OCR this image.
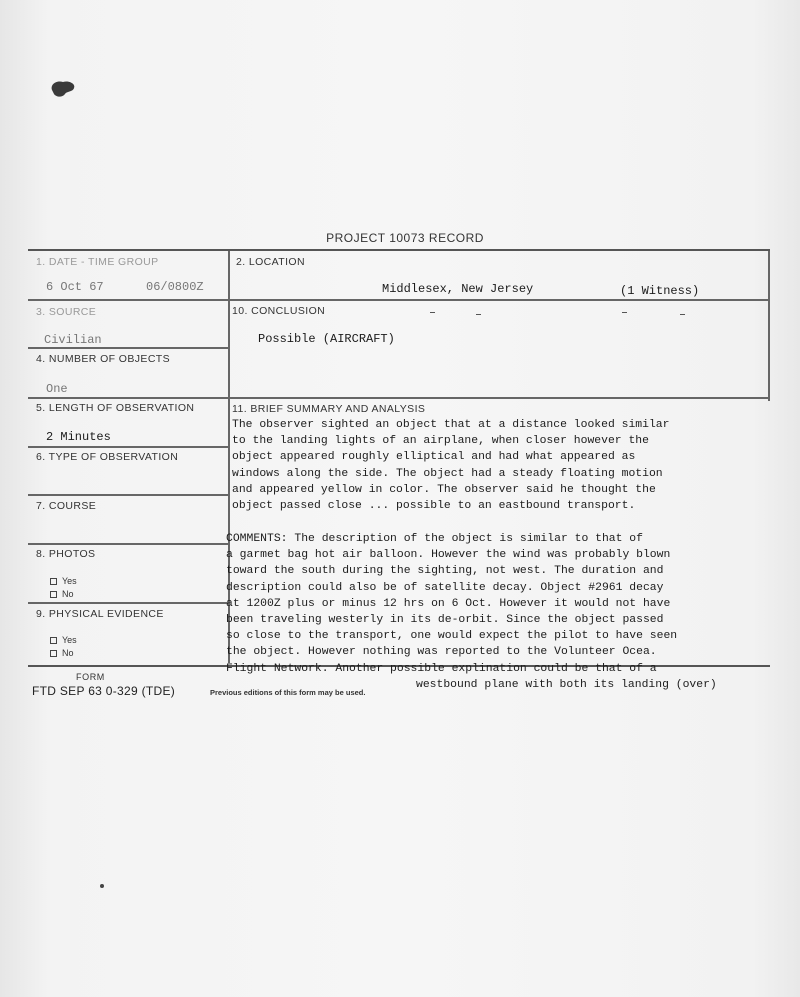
PROJECT 10073 RECORD
1. DATE - TIME GROUP
6 Oct 67	06/0800Z
2. LOCATION
Middlesex, New Jersey	(1 Witness)
3. SOURCE
Civilian
10. CONCLUSION
Possible (AIRCRAFT)
4. NUMBER OF OBJECTS
One
5. LENGTH OF OBSERVATION
2 Minutes
11. BRIEF SUMMARY AND ANALYSIS
The observer sighted an object that at a distance looked similar
to the landing lights of an airplane, when closer however the
object appeared roughly elliptical and had what appeared as
windows along the side. The object had a steady floating motion
and appeared yellow in color. The observer said he thought the
object passed close ... possible to an eastbound transport.
6. TYPE OF OBSERVATION
7. COURSE
COMMENTS: The description of the object is similar to that of
a garmet bag hot air balloon. However the wind was probably blown
toward the south during the sighting, not west. The duration and
description could also be of satellite decay. Object #2961 decay
at 1200Z plus or minus 12 hrs on 6 Oct. However it would not have
been traveling westerly in its de-orbit. Since the object passed
so close to the transport, one would expect the pilot to have seen
the object. However nothing was reported to the Volunteer Ocea.
Flight Network. Another possible explination could be that of a
westbound plane with both its landing (over)
8. PHOTOS
Yes
No
9. PHYSICAL EVIDENCE
Yes
No
FORM
FTD SEP 63 0-329 (TDE)	Previous editions of this form may be used.
